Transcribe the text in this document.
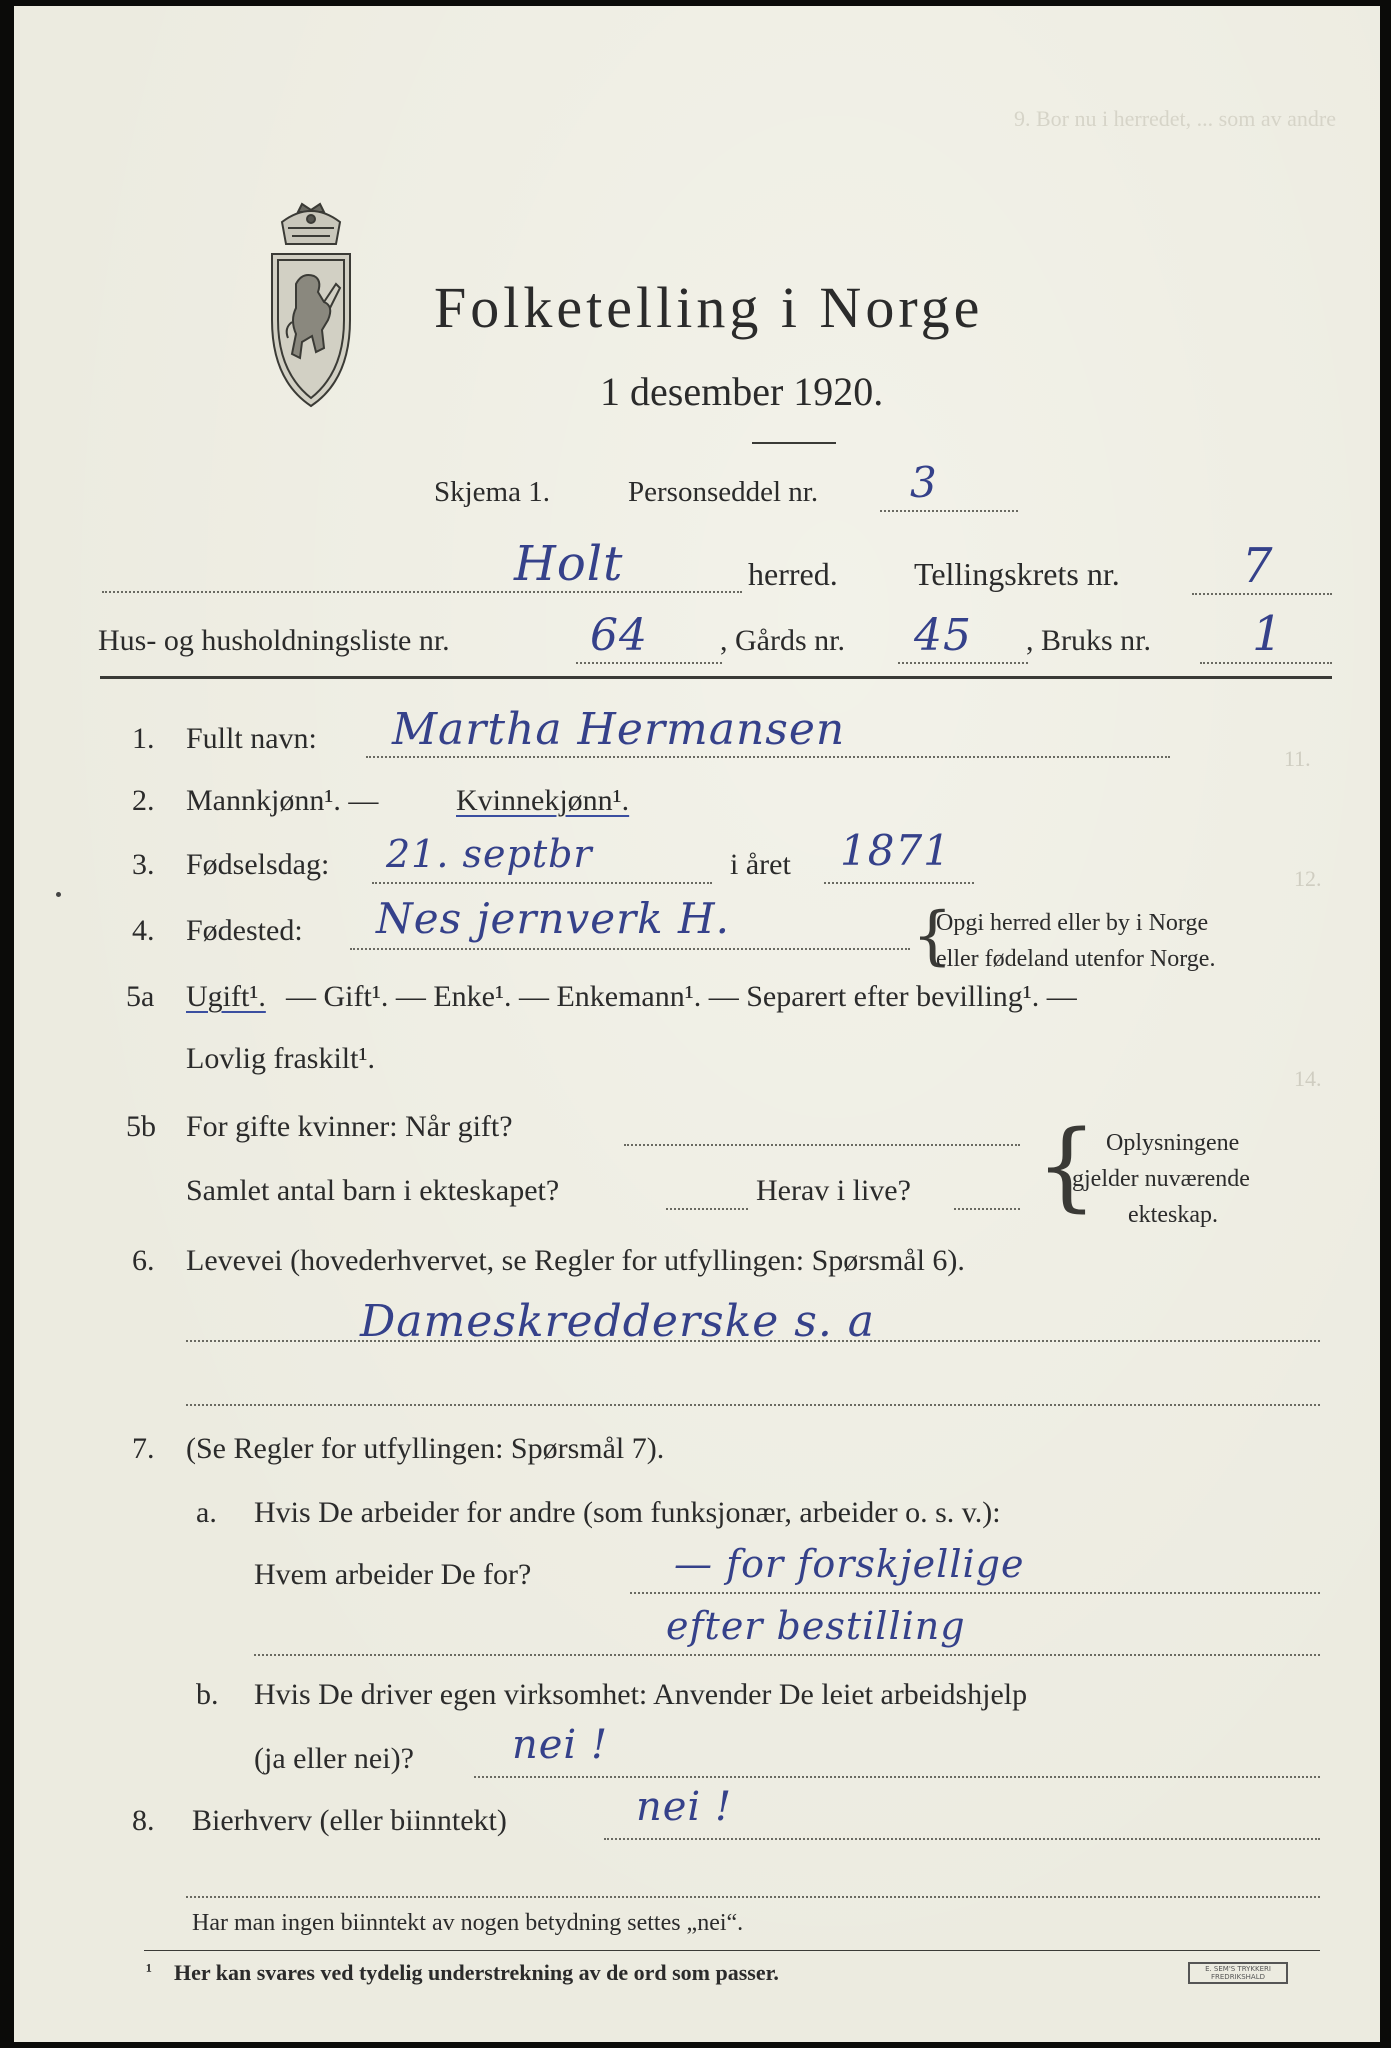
9. Bor nu i herredet, ... som av andre
11.
12.
14.
Folketelling i Norge
1 desember 1920.
Skjema 1.	Personseddel nr. 3
Holt	herred. Tellingskrets nr.	7
Hus- og husholdningsliste nr.	64 , Gårds nr. 45 , Bruks nr. 1
1. Fullt navn: Martha Hermansen
2. Mannkjønn¹. —	Kvinnekjønn¹.
3. Fødselsdag: 21. septbr	i året 1871
4. Fødested: Nes jernverk H.	{
Opgi herred eller by i Norge
eller fødeland utenfor Norge.
5a Ugift¹. — Gift¹. — Enke¹. — Enkemann¹. — Separert efter bevilling¹. —
Lovlig fraskilt¹.
5b For gifte kvinner: Når gift?
Samlet antal barn i ekteskapet?	Herav i live? { Oplysningene
gjelder nuværende
ekteskap.
6. Levevei (hovederhvervet, se Regler for utfyllingen: Spørsmål 6).
Damеskredderske s. a
7. (Se Regler for utfyllingen: Spørsmål 7).
a. Hvis De arbeider for andre (som funksjonær, arbeider o. s. v.):
Hvem arbeider De for?	— for forskjellige
efter bestilling
b. Hvis De driver egen virksomhet: Anvender De leiet arbeidshjelp
(ja eller nei)? nei !
8. Bierhverv (eller biinntekt)	nei !
Har man ingen biinntekt av nogen betydning settes „nei“.
¹ Her kan svares ved tydelig understrekning av de ord som passer.	E. SEM'S TRYKKERI FREDRIKSHALD
